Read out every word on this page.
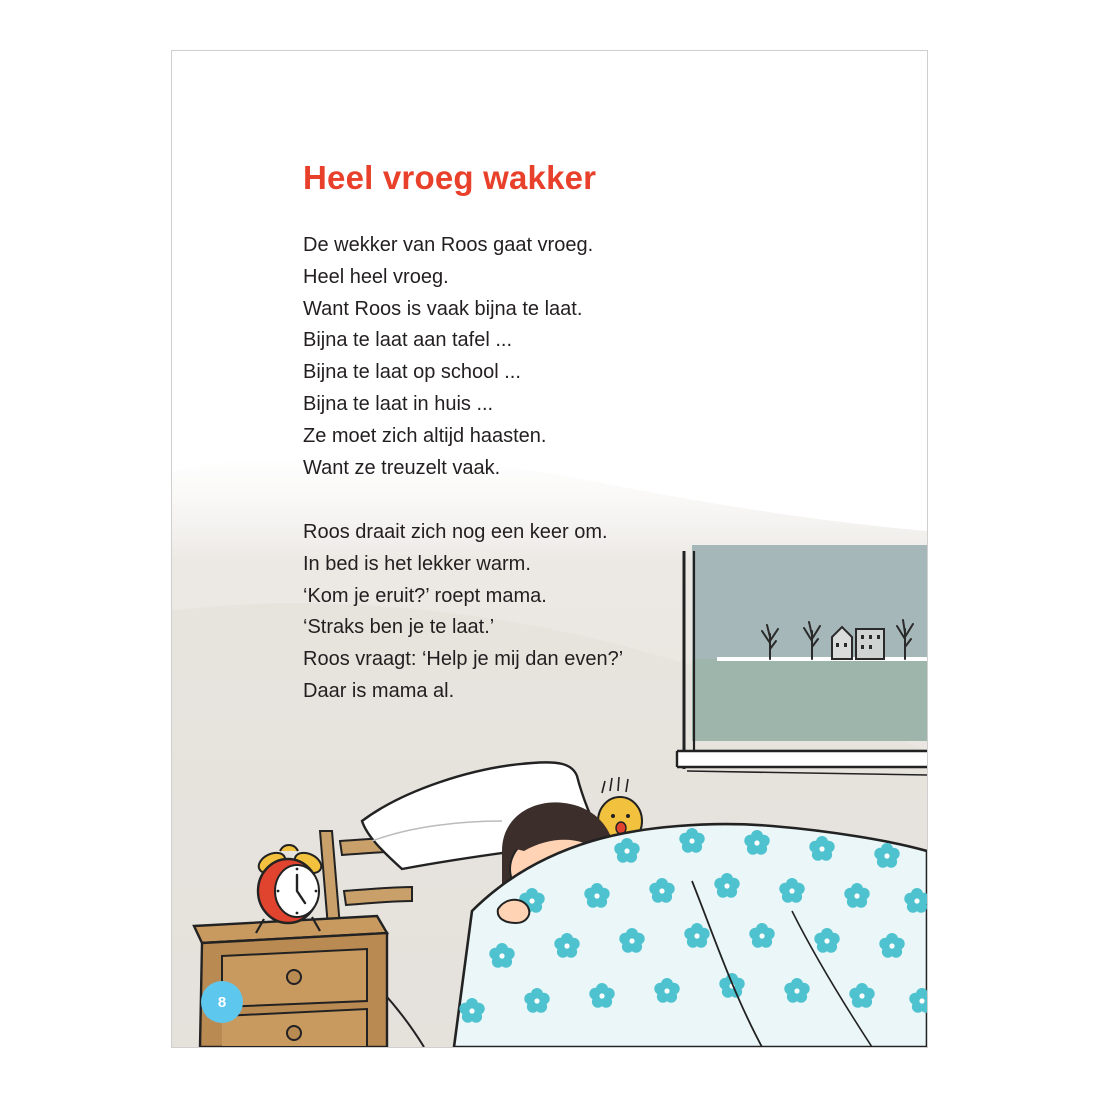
Heel vroeg wakker
De wekker van Roos gaat vroeg.
Heel heel vroeg.
Want Roos is vaak bijna te laat.
Bijna te laat aan tafel ...
Bijna te laat op school ...
Bijna te laat in huis ...
Ze moet zich altijd haasten.
Want ze treuzelt vaak.
Roos draait zich nog een keer om.
In bed is het lekker warm.
‘Kom je eruit?’ roept mama.
‘Straks ben je te laat.’
Roos vraagt: ‘Help je mij dan even?’
Daar is mama al.
8
